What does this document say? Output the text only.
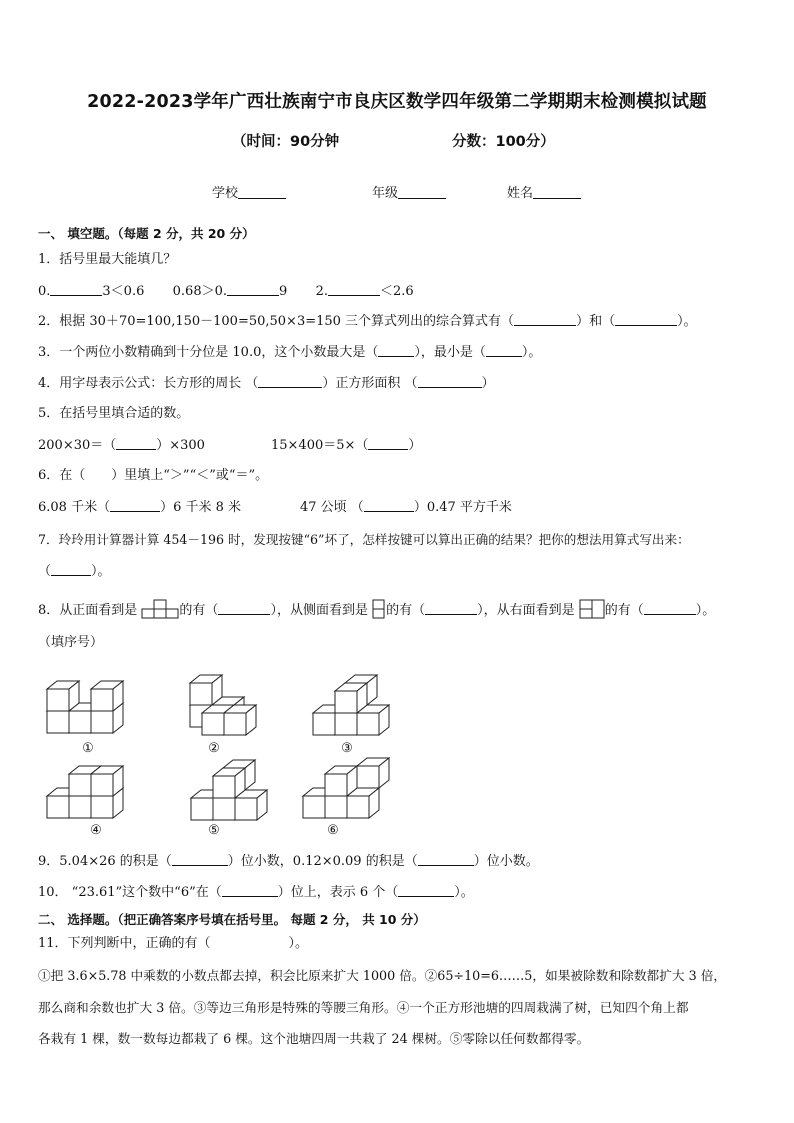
2022-2023学年广西壮族南宁市良庆区数学四年级第二学期期末检测模拟试题
（时间：90分钟	分数：100分）
学校	年级	姓名
一、 填空题。（每题 2 分，共 20 分）
1．括号里最大能填几？
0.	3＜0.6 0.68＞0.	9 2.	＜2.6
2．根据 30＋70=100,150－100=50,50×3=150 三个算式列出的综合算式有（	）和（	）。
3．一个两位小数精确到十分位是 10.0，这个小数最大是（	），最小是（	）。
4．用字母表示公式：长方形的周长 （	）正方形面积 （	）
5．在括号里填合适的数。
200×30＝（	）×300	15×400＝5×（	）
6．在（　　）里填上“＞”“＜”或“＝”。
6.08 千米（	）6 千米 8 米	47 公顷 （	）0.47 平方千米
7．玲玲用计算器计算 454－196 时，发现按键“6”坏了，怎样按键可以算出正确的结果？把你的想法用算式写出来：
（	）。
8．从正面看到是	的有（	），从侧面看到是 的有（	），从右面看到是 的有（	）。
（填序号）
①	②	③
④	⑤	⑥
9．5.04×26 的积是（	）位小数，0.12×0.09 的积是（	）位小数。
10． “23.61”这个数中“6”在（	）位上，表示 6 个（	）。
二、 选择题。（把正确答案序号填在括号里。 每题 2 分， 共 10 分）
11．下列判断中，正确的有（　　　　　　）。
①把 3.6×5.78 中乘数的小数点都去掉，积会比原来扩大 1000 倍。②65÷10=6……5，如果被除数和除数都扩大 3 倍，
那么商和余数也扩大 3 倍。③等边三角形是特殊的等腰三角形。④一个正方形池塘的四周栽满了树，已知四个角上都
各栽有 1 棵，数一数每边都栽了 6 棵。这个池塘四周一共栽了 24 棵树。⑤零除以任何数都得零。
